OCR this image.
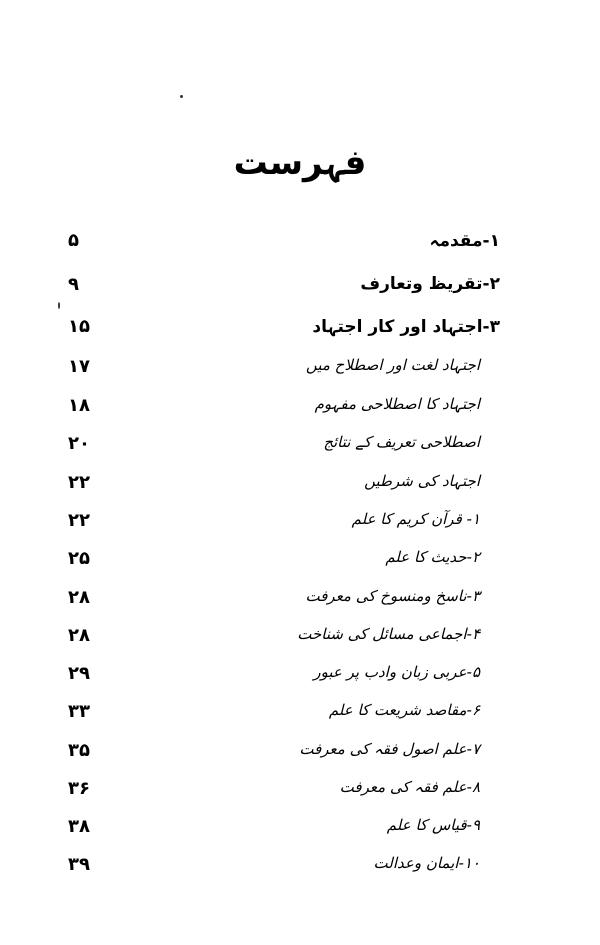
فہرست
۱-مقدمہ
۵
۲-تقریظ وتعارف
۹
۳-اجتہاد اور کار اجتہاد
۱۵
اجتہاد لغت اور اصطلاح میں
۱۷
اجتہاد کا اصطلاحی مفہوم
۱۸
اصطلاحی تعریف کے نتائج
۲۰
اجتہاد کی شرطیں
۲۲
۱- قرآن کریم کا علم
۲۲
۲-حدیث کا علم
۲۵
۳-ناسخ ومنسوخ کی معرفت
۲۸
۴-اجماعی مسائل کی شناخت
۲۸
۵-عربی زبان وادب پر عبور
۲۹
۶-مقاصد شریعت کا علم
۳۳
۷-علم اصول فقہ کی معرفت
۳۵
۸-علم فقہ کی معرفت
۳۶
۹-قیاس کا علم
۳۸
۱۰-ایمان وعدالت
۳۹
